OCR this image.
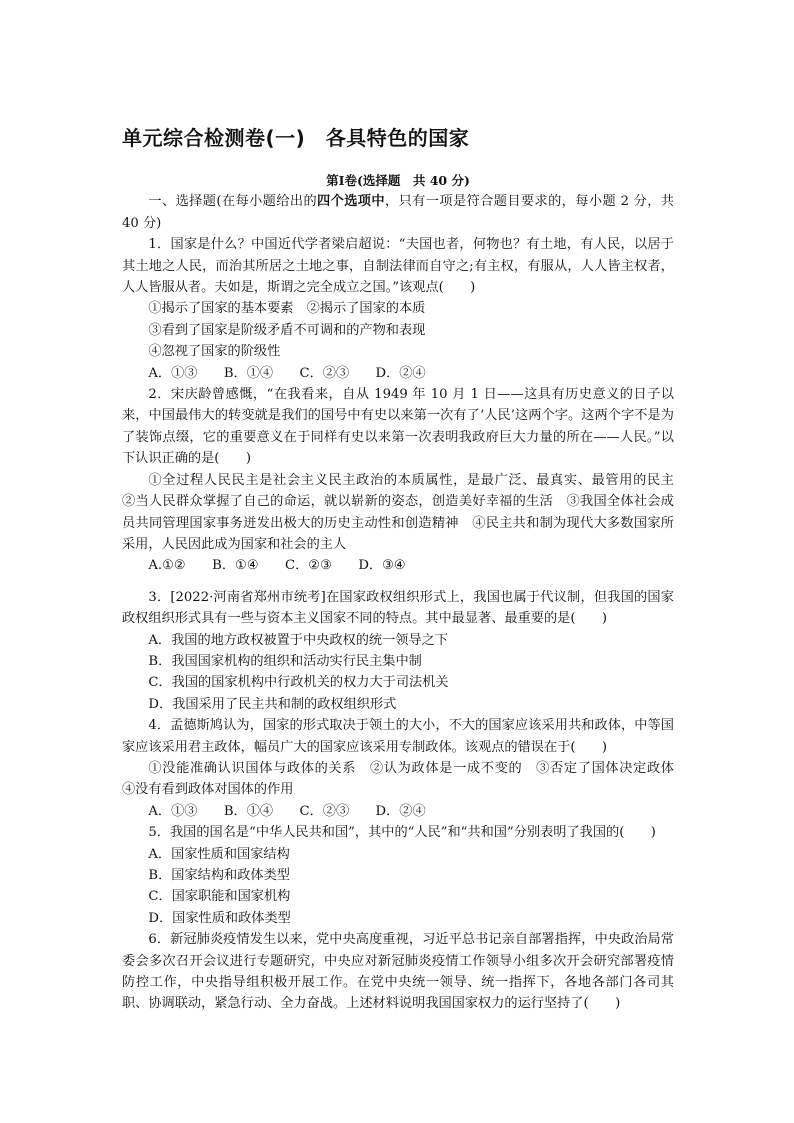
单元综合检测卷(一)　各具特色的国家

第Ⅰ卷(选择题　共 40 分)

一、选择题(在每小题给出的四个选项中，只有一项是符合题目要求的，每小题 2 分，共 40 分)

1．国家是什么？中国近代学者梁启超说：“夫国也者，何物也？有土地，有人民，以居于其土地之人民，而治其所居之土地之事，自制法律而自守之;有主权，有服从，人人皆主权者，人人皆服从者。夫如是，斯谓之完全成立之国。”该观点(　　)

①揭示了国家的基本要素　②揭示了国家的本质

③看到了国家是阶级矛盾不可调和的产物和表现

④忽视了国家的阶级性

A．①③　　B．①④　　C．②③　　D．②④

2．宋庆龄曾感慨，“在我看来，自从 1949 年 10 月 1 日——这具有历史意义的日子以来，中国最伟大的转变就是我们的国号中有史以来第一次有了‘人民’这两个字。这两个字不是为了装饰点缀，它的重要意义在于同样有史以来第一次表明我政府巨大力量的所在——人民。”以下认识正确的是(　　)

①全过程人民民主是社会主义民主政治的本质属性，是最广泛、最真实、最管用的民主　②当人民群众掌握了自己的命运，就以崭新的姿态，创造美好幸福的生活　③我国全体社会成员共同管理国家事务迸发出极大的历史主动性和创造精神　④民主共和制为现代大多数国家所采用，人民因此成为国家和社会的主人

A.①②　　B．①④　　C．②③　　D．③④

3．[2022·河南省郑州市统考]在国家政权组织形式上，我国也属于代议制，但我国的国家政权组织形式具有一些与资本主义国家不同的特点。其中最显著、最重要的是(　　)

A．我国的地方政权被置于中央政权的统一领导之下

B．我国国家机构的组织和活动实行民主集中制

C．我国的国家机构中行政机关的权力大于司法机关

D．我国采用了民主共和制的政权组织形式

4．孟德斯鸠认为，国家的形式取决于领土的大小，不大的国家应该采用共和政体，中等国家应该采用君主政体，幅员广大的国家应该采用专制政体。该观点的错误在于(　　)

①没能准确认识国体与政体的关系　②认为政体是一成不变的　③否定了国体决定政体　④没有看到政体对国体的作用

A．①③　　B．①④　　C．②③　　D．②④

5．我国的国名是“中华人民共和国”，其中的“人民”和“共和国”分别表明了我国的(　　)

A．国家性质和国家结构

B．国家结构和政体类型

C．国家职能和国家机构

D．国家性质和政体类型

6．新冠肺炎疫情发生以来，党中央高度重视，习近平总书记亲自部署指挥，中央政治局常委会多次召开会议进行专题研究，中央应对新冠肺炎疫情工作领导小组多次开会研究部署疫情防控工作，中央指导组积极开展工作。在党中央统一领导、统一指挥下，各地各部门各司其职、协调联动，紧急行动、全力奋战。上述材料说明我国国家权力的运行坚持了(　　)
